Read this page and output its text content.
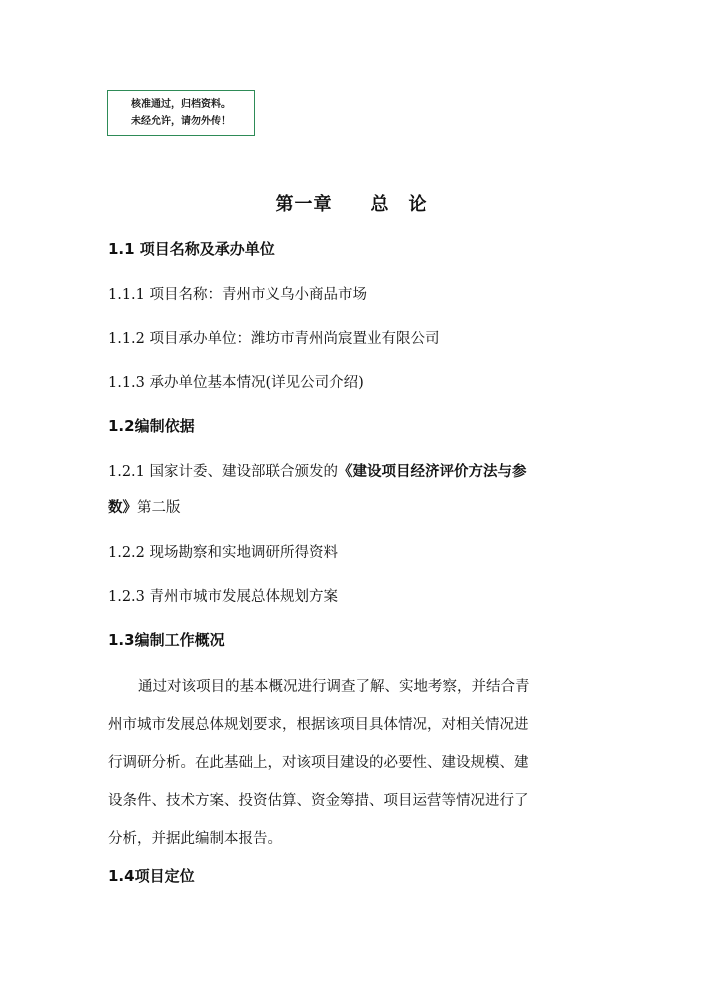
核准通过，归档资料。
未经允许，请勿外传！
第一章　　总　论
1.1 项目名称及承办单位
1.1.1 项目名称：青州市义乌小商品市场
1.1.2 项目承办单位：潍坊市青州尚宸置业有限公司
1.1.3 承办单位基本情况(详见公司介绍)
1.2编制依据
1.2.1 国家计委、建设部联合颁发的《建设项目经济评价方法与参
数》第二版
1.2.2 现场勘察和实地调研所得资料
1.2.3 青州市城市发展总体规划方案
1.3编制工作概况
通过对该项目的基本概况进行调查了解、实地考察，并结合青
州市城市发展总体规划要求，根据该项目具体情况，对相关情况进
行调研分析。在此基础上，对该项目建设的必要性、建设规模、建
设条件、技术方案、投资估算、资金筹措、项目运营等情况进行了
分析，并据此编制本报告。
1.4项目定位
